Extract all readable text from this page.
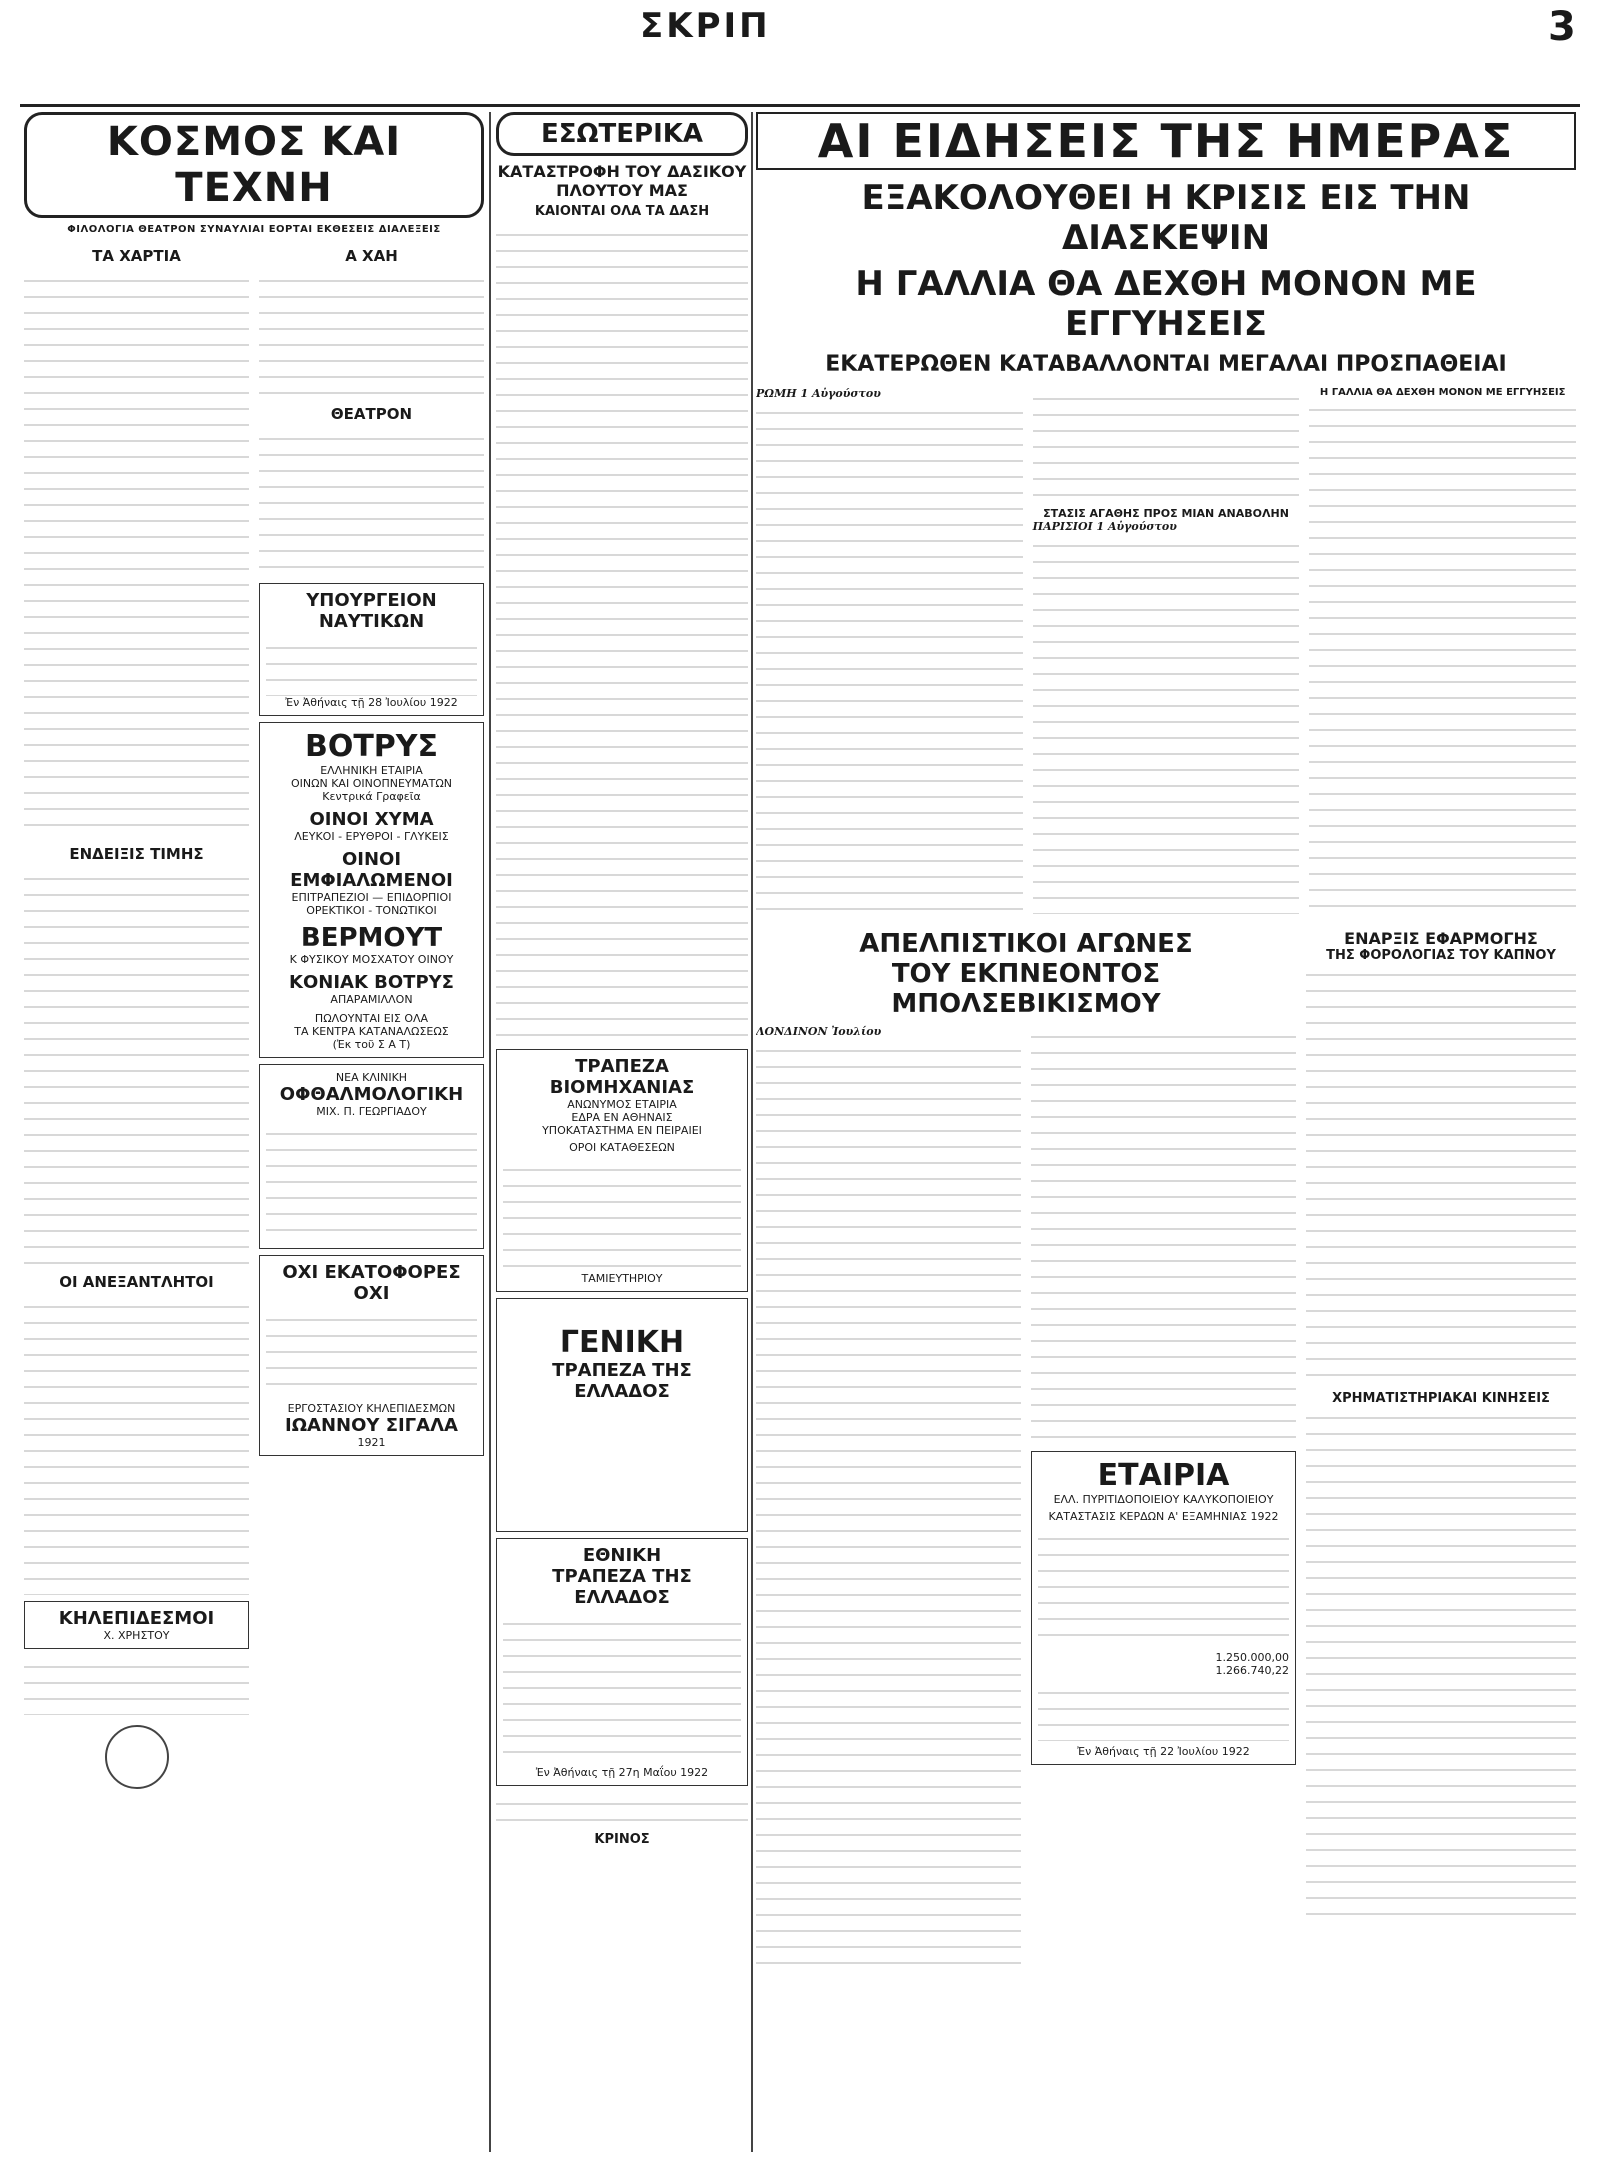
ΣΚΡΙΠ	3
ΚΟΣΜΟΣ ΚΑΙ ΤΕΧΝΗ
ΦΙΛΟΛΟΓΙΑ ΘΕΑΤΡΟΝ ΣΥΝΑΥΛΙΑΙ ΕΟΡΤΑΙ ΕΚΘΕΣΕΙΣ ΔΙΑΛΕΞΕΙΣ
ΤΑ ΧΑΡΤΙΑ
ΕΝΔΕΙΞΙΣ ΤΙΜΗΣ
ΟΙ ΑΝΕΞΑΝΤΛΗΤΟΙ
ΚΗΛΕΠΙΔΕΣΜΟΙ
Χ. ΧΡΗΣΤΟΥ
Α ΧΑΗ
ΘΕΑΤΡΟΝ
ΥΠΟΥΡΓΕΙΟΝ ΝΑΥΤΙΚΩΝ
Ἐν Ἀθήναις τῇ 28 Ἰουλίου 1922
ΒΟΤΡΥΣ
ΕΛΛΗΝΙΚΗ ΕΤΑΙΡΙΑ
ΟΙΝΩΝ ΚΑΙ ΟΙΝΟΠΝΕΥΜΑΤΩΝ
Κεντρικά Γραφεῖα
ΟΙΝΟΙ ΧΥΜΑ
ΛΕΥΚΟΙ - ΕΡΥΘΡΟΙ - ΓΛΥΚΕΙΣ
ΟΙΝΟΙ ΕΜΦΙΑΛΩΜΕΝΟΙ
ΕΠΙΤΡΑΠΕΖΙΟΙ — ΕΠΙΔΟΡΠΙΟΙ
ΟΡΕΚΤΙΚΟΙ - ΤΟΝΩΤΙΚΟΙ
ΒΕΡΜΟΥΤ
Κ ΦΥΣΙΚΟΥ ΜΟΣΧΑΤΟΥ ΟΙΝΟΥ
ΚΟΝΙΑΚ ΒΟΤΡΥΣ
ΑΠΑΡΑΜΙΛΛΟΝ
ΠΩΛΟΥΝΤΑΙ ΕΙΣ ΟΛΑ
ΤΑ ΚΕΝΤΡΑ ΚΑΤΑΝΑΛΩΣΕΩΣ
(Ἐκ τοῦ Σ Α Τ)
ΝΕΑ ΚΛΙΝΙΚΗ
ΟΦΘΑΛΜΟΛΟΓΙΚΗ
ΜΙΧ. Π. ΓΕΩΡΓΙΑΔΟΥ
ΟΧΙ ΕΚΑΤΟΦΟΡΕΣ ΟΧΙ
ΕΡΓΟΣΤΑΣΙΟΥ ΚΗΛΕΠΙΔΕΣΜΩΝ
ΙΩΑΝΝΟΥ ΣΙΓΑΛΑ
1921
ΕΣΩΤΕΡΙΚΑ
ΚΑΤΑΣΤΡΟΦΗ ΤΟΥ ΔΑΣΙΚΟΥ ΠΛΟΥΤΟΥ ΜΑΣ
ΚΑΙΟΝΤΑΙ ΟΛΑ ΤΑ ΔΑΣΗ
ΤΡΑΠΕΖΑ ΒΙΟΜΗΧΑΝΙΑΣ
ΑΝΩΝΥΜΟΣ ΕΤΑΙΡΙΑ
ΕΔΡΑ ΕΝ ΑΘΗΝΑΙΣ
ΥΠΟΚΑΤΑΣΤΗΜΑ ΕΝ ΠΕΙΡΑΙΕΙ
ΟΡΟΙ ΚΑΤΑΘΕΣΕΩΝ
ΤΑΜΙΕΥΤΗΡΙΟΥ
ΓΕΝΙΚΗ
ΤΡΑΠΕΖΑ ΤΗΣ ΕΛΛΑΔΟΣ
ΕΘΝΙΚΗ
ΤΡΑΠΕΖΑ ΤΗΣ ΕΛΛΑΔΟΣ
Ἐν Ἀθήναις τῇ 27η Μαΐου 1922
ΚΡΙΝΟΣ
ΑΙ ΕΙΔΗΣΕΙΣ ΤΗΣ ΗΜΕΡΑΣ
ΕΞΑΚΟΛΟΥΘΕΙ Η ΚΡΙΣΙΣ ΕΙΣ ΤΗΝ ΔΙΑΣΚΕΨΙΝ
Η ΓΑΛΛΙΑ ΘΑ ΔΕΧΘΗ ΜΟΝΟΝ ΜΕ ΕΓΓΥΗΣΕΙΣ
ΕΚΑΤΕΡΩΘΕΝ ΚΑΤΑΒΑΛΛΟΝΤΑΙ ΜΕΓΑΛΑΙ ΠΡΟΣΠΑΘΕΙΑΙ
ΡΩΜΗ 1 Αὐγούστου
ΣΤΑΣΙΣ ΑΓΑΘΗΣ ΠΡΟΣ ΜΙΑΝ ΑΝΑΒΟΛΗΝ
ΠΑΡΙΣΙΟΙ 1 Αὐγούστου
Η ΓΑΛΛΙΑ ΘΑ ΔΕΧΘΗ ΜΟΝΟΝ ΜΕ ΕΓΓΥΗΣΕΙΣ
ΑΠΕΛΠΙΣΤΙΚΟΙ ΑΓΩΝΕΣ
ΤΟΥ ΕΚΠΝΕΟΝΤΟΣ ΜΠΟΛΣΕΒΙΚΙΣΜΟΥ
ΛΟΝΔΙΝΟΝ Ἰουλίου
ΕΤΑΙΡΙΑ
ΕΛΛ. ΠΥΡΙΤΙΔΟΠΟΙΕΙΟΥ ΚΑΛΥΚΟΠΟΙΕΙΟΥ
ΚΑΤΑΣΤΑΣΙΣ ΚΕΡΔΩΝ Α' ΕΞΑΜΗΝΙΑΣ 1922
1.250.000,00
1.266.740,22
Ἐν Ἀθήναις τῇ 22 Ἰουλίου 1922
ΕΝΑΡΞΙΣ ΕΦΑΡΜΟΓΗΣ
ΤΗΣ ΦΟΡΟΛΟΓΙΑΣ ΤΟΥ ΚΑΠΝΟΥ
ΧΡΗΜΑΤΙΣΤΗΡΙΑΚΑΙ ΚΙΝΗΣΕΙΣ
